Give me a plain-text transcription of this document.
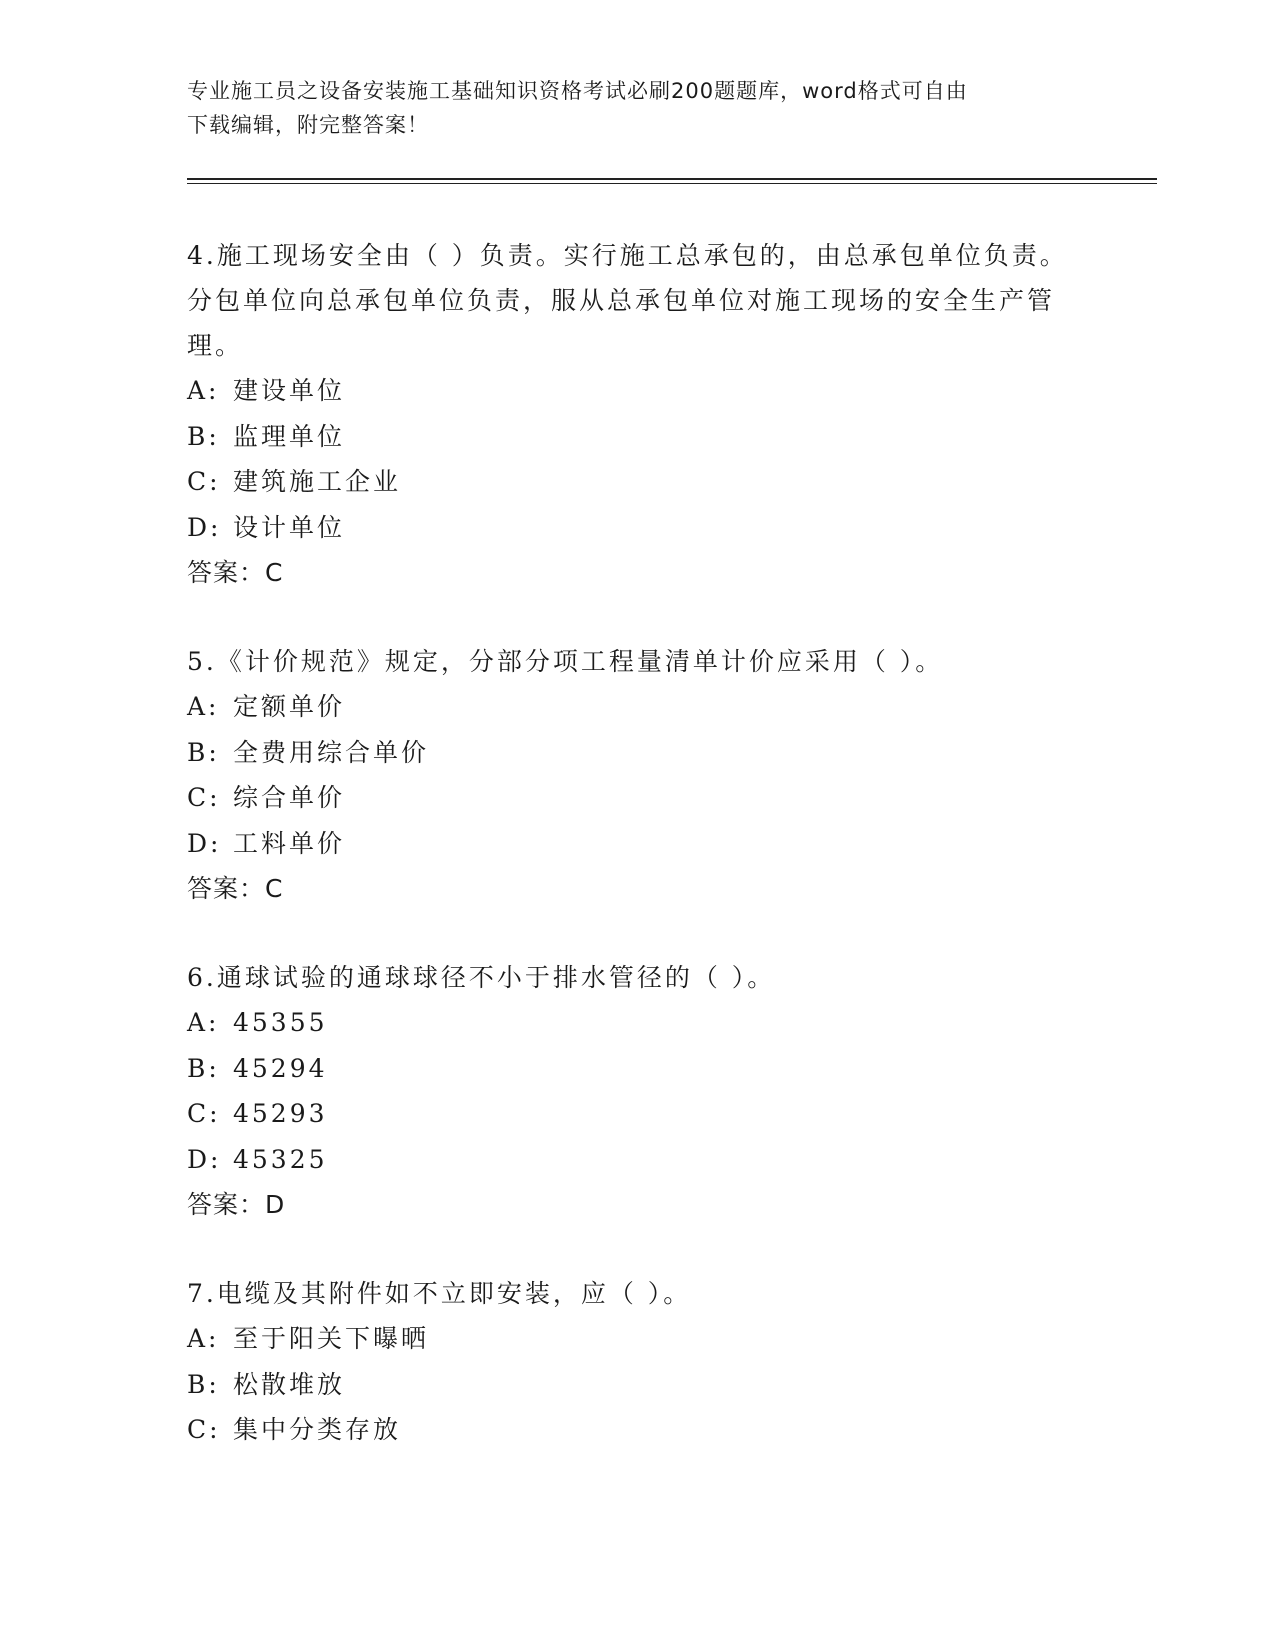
专业施工员之设备安装施工基础知识资格考试必刷200题题库，word格式可自由
下载编辑，附完整答案！
4.施工现场安全由（ ）负责。实行施工总承包的，由总承包单位负责。分包单位向总承包单位负责，服从总承包单位对施工现场的安全生产管理。
A: 建设单位
B: 监理单位
C: 建筑施工企业
D: 设计单位
答案：C
5.《计价规范》规定，分部分项工程量清单计价应采用（ ）。
A: 定额单价
B: 全费用综合单价
C: 综合单价
D: 工料单价
答案：C
6.通球试验的通球球径不小于排水管径的（ ）。
A: 45355
B: 45294
C: 45293
D: 45325
答案：D
7.电缆及其附件如不立即安装，应（ ）。
A: 至于阳关下曝晒
B: 松散堆放
C: 集中分类存放
